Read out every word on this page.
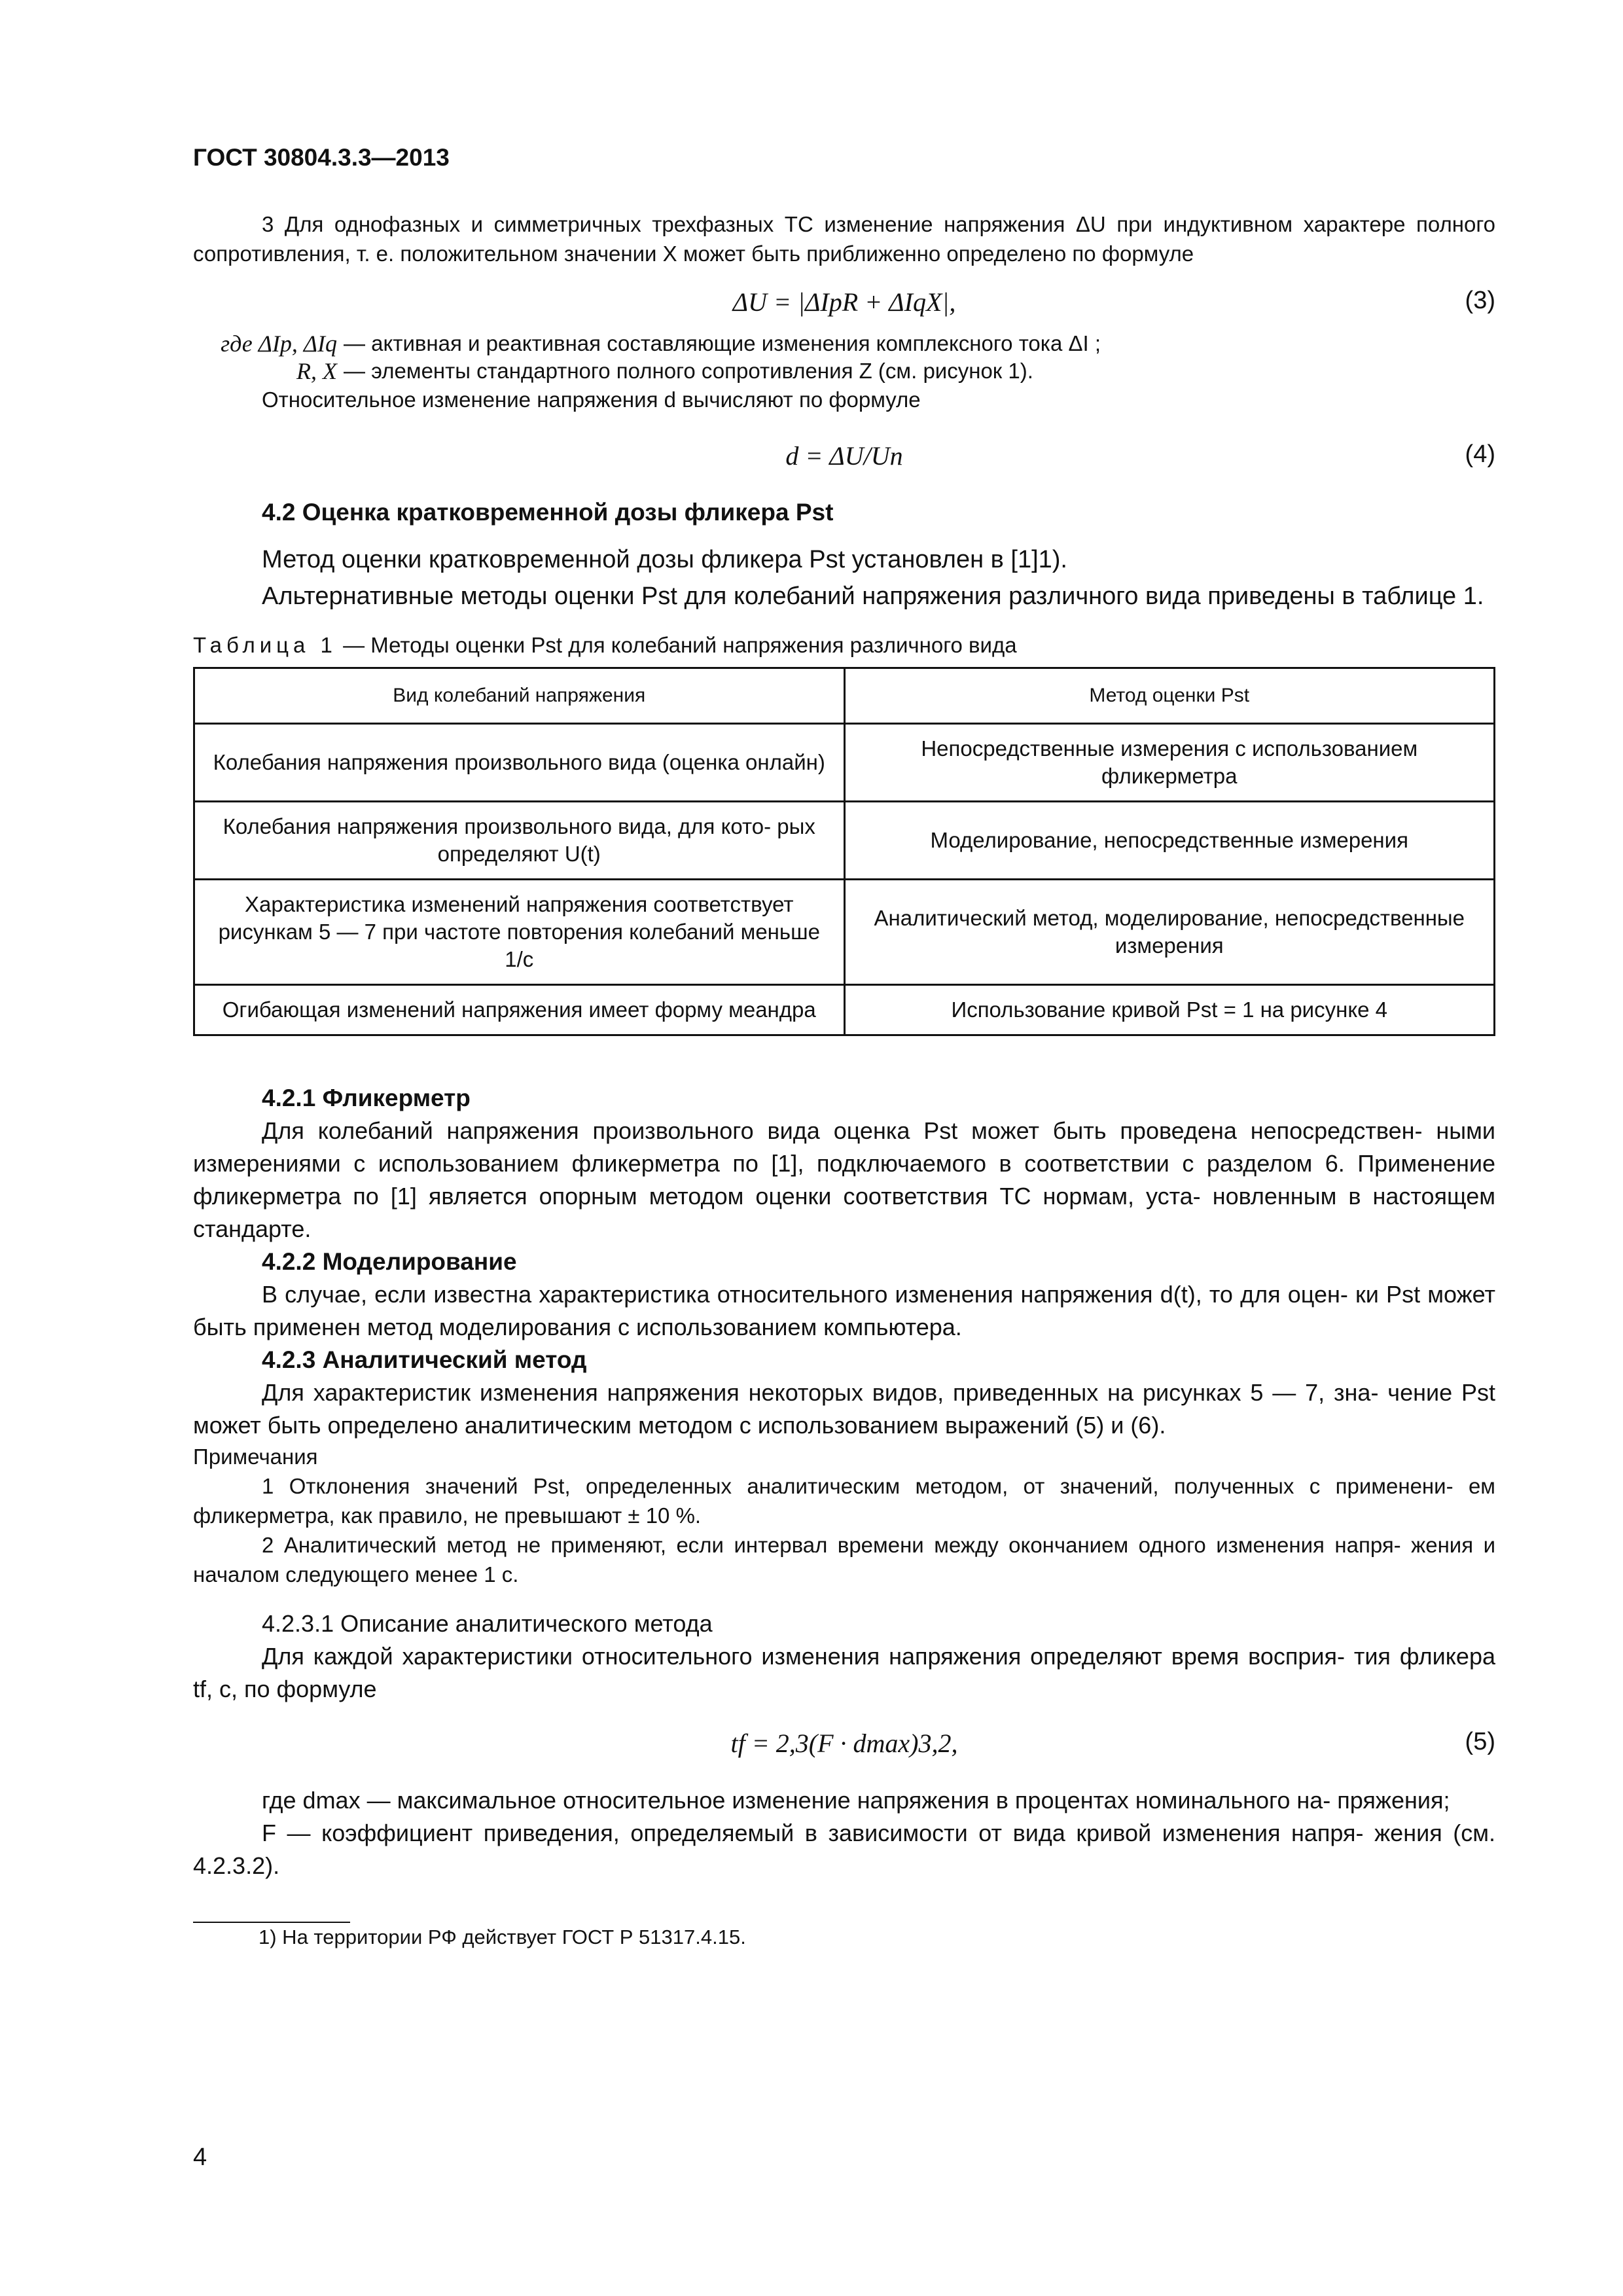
ГОСТ 30804.3.3—2013

3 Для однофазных и симметричных трехфазных ТС изменение напряжения ΔU при индуктивном характере полного сопротивления, т. е. положительном значении X может быть приближенно определено по формуле

ΔU = |ΔIpR + ΔIqX|,	(3)
где ΔIp, ΔIq — активная и реактивная составляющие изменения комплексного тока ΔI ;
R, X — элементы стандартного полного сопротивления Z (см. рисунок 1).

Относительное изменение напряжения d вычисляют по формуле

d = ΔU/Un	(4)
4.2 Оценка кратковременной дозы фликера Pst
Метод оценки кратковременной дозы фликера Pst установлен в [1]1).
Альтернативные методы оценки Pst для колебаний напряжения различного вида приведены в таблице 1.
Таблица 1 — Методы оценки Pst для колебаний напряжения различного вида
Вид колебаний напряжения	Метод оценки Pst
Колебания напряжения произвольного вида (оценка онлайн)	Непосредственные измерения с использованием фликерметра
Колебания напряжения произвольного вида, для кото- рых определяют U(t)	Моделирование, непосредственные измерения
Характеристика изменений напряжения соответствует рисункам 5 — 7 при частоте повторения колебаний меньше 1/с	Аналитический метод, моделирование, непосредственные измерения
Огибающая изменений напряжения имеет форму меандра	Использование кривой Pst = 1 на рисунке 4
4.2.1 Фликерметр

Для колебаний напряжения произвольного вида оценка Pst может быть проведена непосредствен- ными измерениями с использованием фликерметра по [1], подключаемого в соответствии с разделом 6. Применение фликерметра по [1] является опорным методом оценки соответствия ТС нормам, уста- новленным в настоящем стандарте.

4.2.2 Моделирование

В случае, если известна характеристика относительного изменения напряжения d(t), то для оцен- ки Pst может быть применен метод моделирования с использованием компьютера.

4.2.3 Аналитический метод

Для характеристик изменения напряжения некоторых видов, приведенных на рисунках 5 — 7, зна- чение Pst может быть определено аналитическим методом с использованием выражений (5) и (6).

Примечания

1 Отклонения значений Pst, определенных аналитическим методом, от значений, полученных с применени- ем фликерметра, как правило, не превышают ± 10 %.

2 Аналитический метод не применяют, если интервал времени между окончанием одного изменения напря- жения и началом следующего менее 1 с.

4.2.3.1 Описание аналитического метода

Для каждой характеристики относительного изменения напряжения определяют время восприя- тия фликера tf, с, по формуле

tf = 2,3(F · dmax)3,2,	(5)

где dmax — максимальное относительное изменение напряжения в процентах номинального на- пряжения;

F — коэффициент приведения, определяемый в зависимости от вида кривой изменения напря- жения (см. 4.2.3.2).

1) На территории РФ действует ГОСТ Р 51317.4.15.
4
